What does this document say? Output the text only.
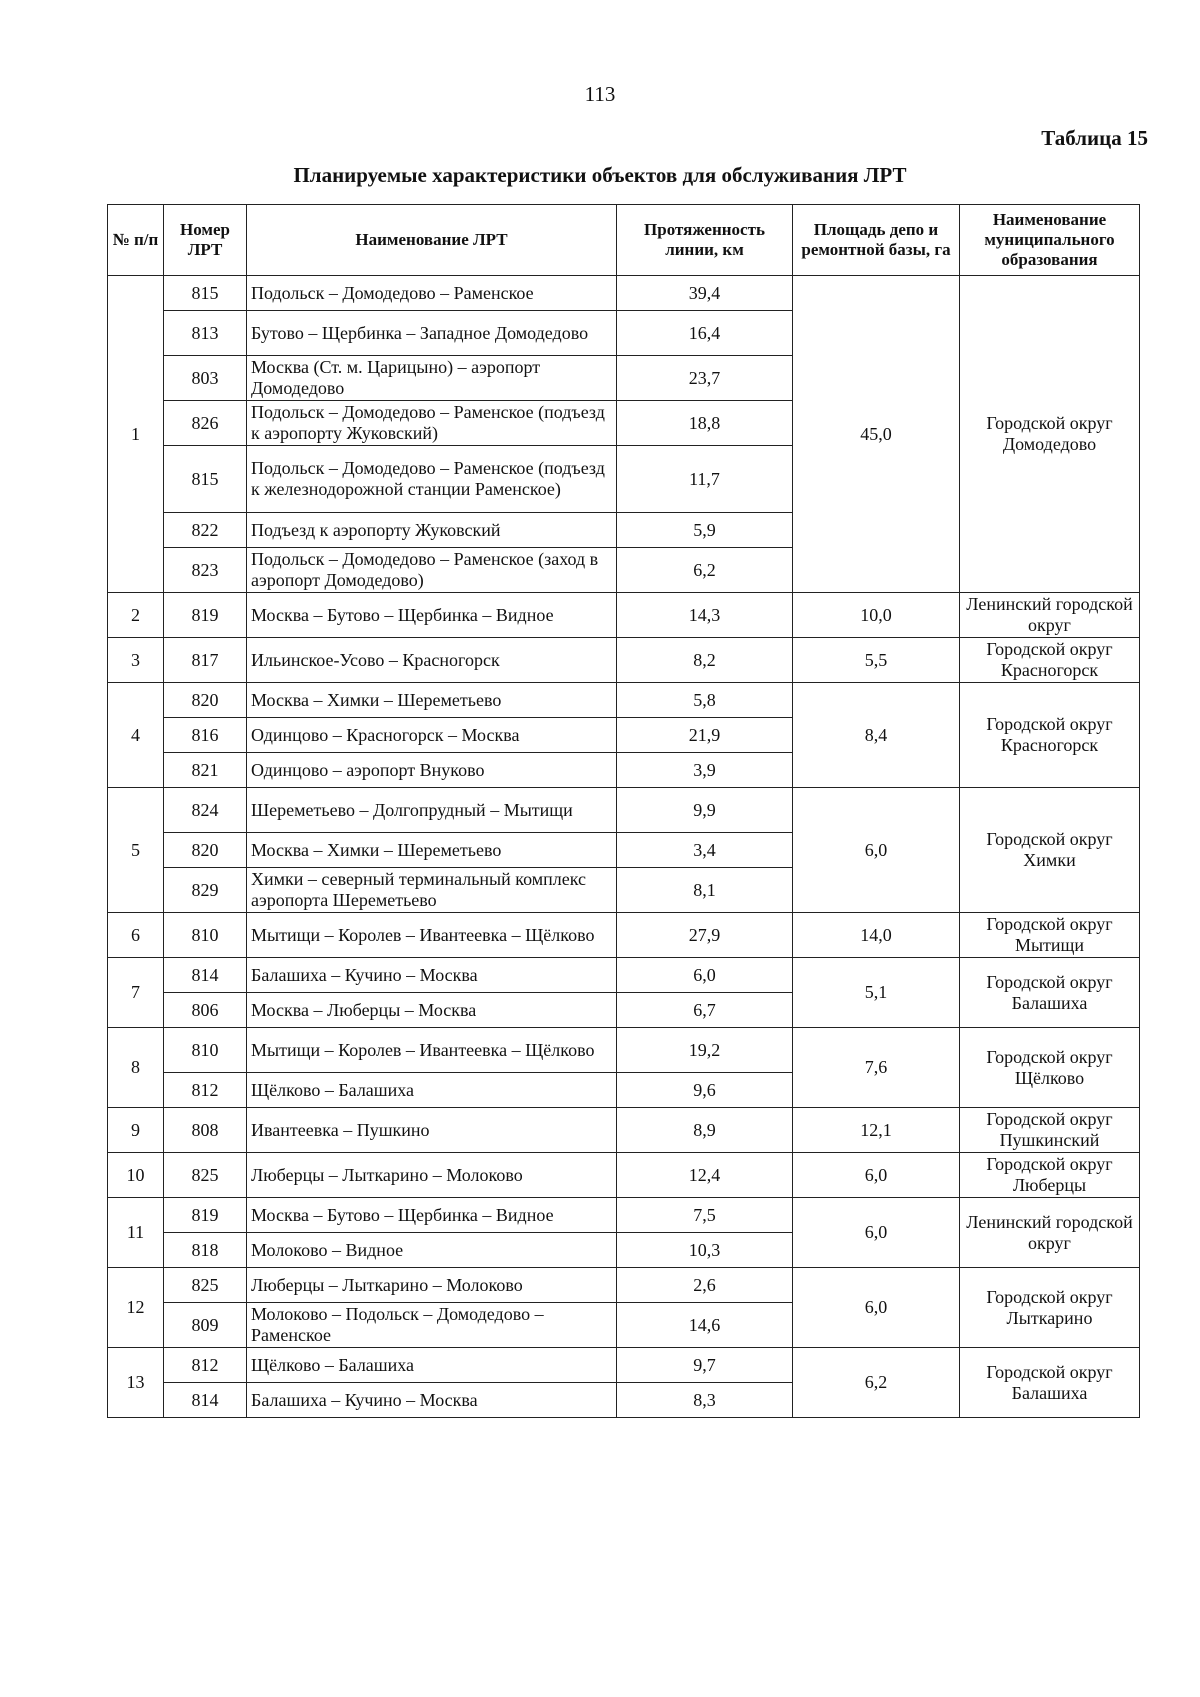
113
Таблица 15
Планируемые характеристики объектов для обслуживания ЛРТ
№ п/п	Номер ЛРТ	Наименование ЛРТ	Протяженность линии, км	Площадь депо и ремонтной базы, га	Наименование муниципального образования
1	815	Подольск – Домодедово – Раменское	39,4	45,0	Городской округ Домодедово
	813	Бутово – Щербинка – Западное Домодедово	16,4		
	803	Москва (Ст. м. Царицыно) – аэропорт Домодедово	23,7		
	826	Подольск – Домодедово – Раменское (подъезд к аэропорту Жуковский)	18,8		
	815	Подольск – Домодедово – Раменское (подъезд к железнодорожной станции Раменское)	11,7		
	822	Подъезд к аэропорту Жуковский	5,9		
	823	Подольск – Домодедово – Раменское (заход в аэропорт Домодедово)	6,2		
2	819	Москва – Бутово – Щербинка – Видное	14,3	10,0	Ленинский городской округ
3	817	Ильинское-Усово – Красногорск	8,2	5,5	Городской округ Красногорск
4	820	Москва – Химки – Шереметьево	5,8	8,4	Городской округ Красногорск
	816	Одинцово – Красногорск – Москва	21,9		
	821	Одинцово – аэропорт Внуково	3,9		
5	824	Шереметьево – Долгопрудный – Мытищи	9,9	6,0	Городской округ Химки
	820	Москва – Химки – Шереметьево	3,4		
	829	Химки – северный терминальный комплекс аэропорта Шереметьево	8,1		
6	810	Мытищи – Королев – Ивантеевка – Щёлково	27,9	14,0	Городской округ Мытищи
7	814	Балашиха – Кучино – Москва	6,0	5,1	Городской округ Балашиха
	806	Москва – Люберцы – Москва	6,7		
8	810	Мытищи – Королев – Ивантеевка – Щёлково	19,2	7,6	Городской округ Щёлково
	812	Щёлково – Балашиха	9,6		
9	808	Ивантеевка – Пушкино	8,9	12,1	Городской округ Пушкинский
10	825	Люберцы – Лыткарино – Молоково	12,4	6,0	Городской округ Люберцы
11	819	Москва – Бутово – Щербинка – Видное	7,5	6,0	Ленинский городской округ
	818	Молоково – Видное	10,3		
12	825	Люберцы – Лыткарино – Молоково	2,6	6,0	Городской округ Лыткарино
	809	Молоково – Подольск – Домодедово – Раменское	14,6		
13	812	Щёлково – Балашиха	9,7	6,2	Городской округ Балашиха
	814	Балашиха – Кучино – Москва	8,3		
